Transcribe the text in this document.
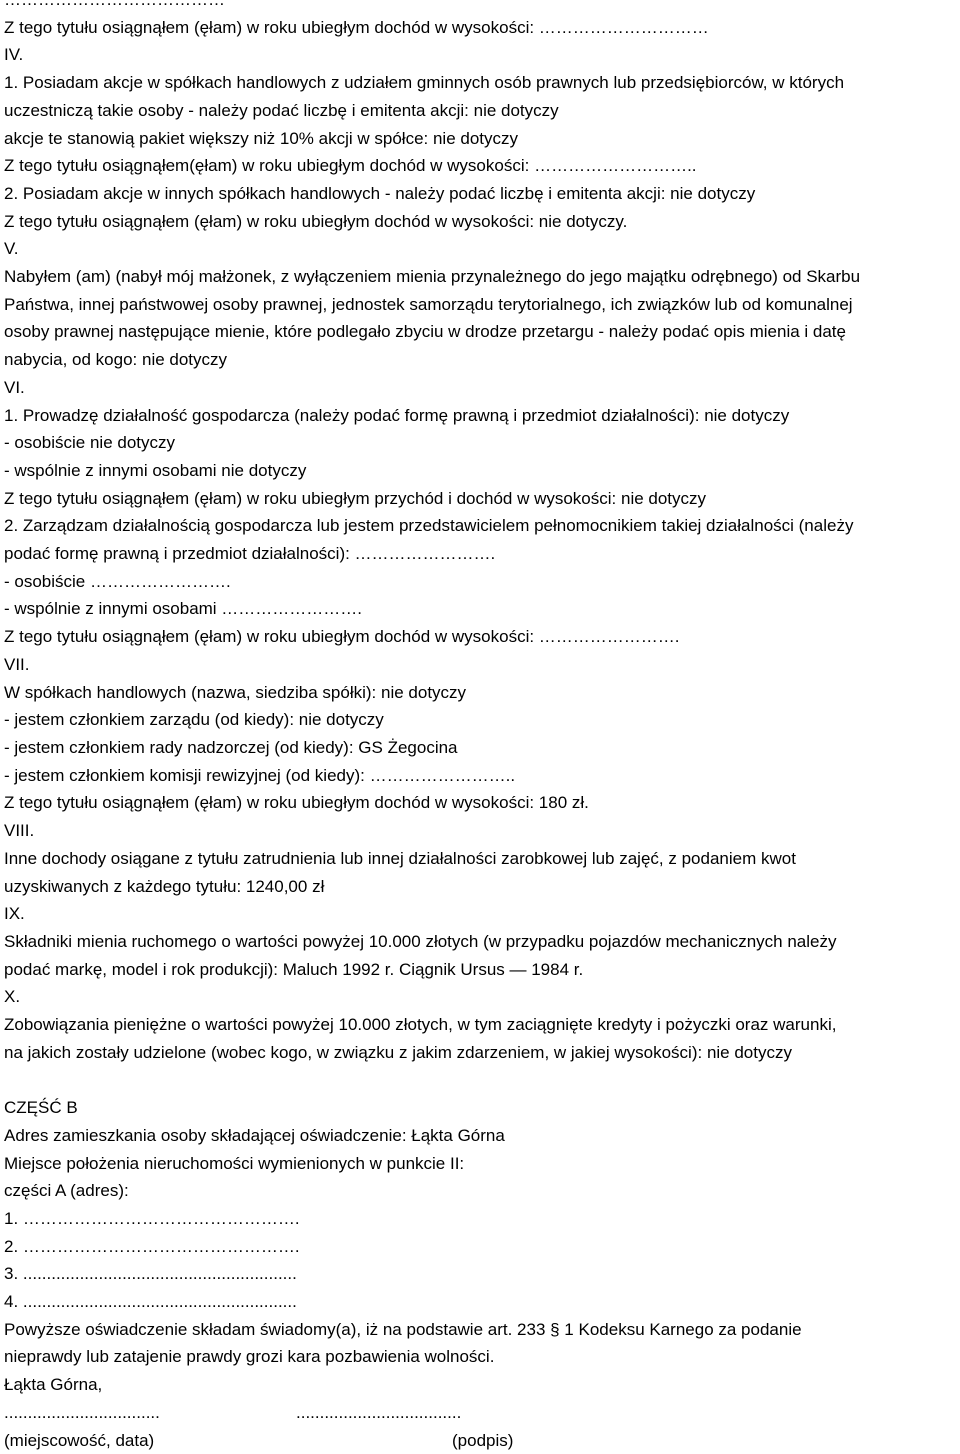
Z tego tytułu osiągnąłem (ęłam) w roku ubiegłym dochód w wysokości: …………………………
IV.
1. Posiadam akcje w spółkach handlowych z udziałem gminnych osób prawnych lub przedsiębiorców, w których
uczestniczą takie osoby - należy podać liczbę i emitenta akcji: nie dotyczy
akcje te stanowią pakiet większy niż 10% akcji w spółce: nie dotyczy
Z tego tytułu osiągnąłem(ęłam) w roku ubiegłym dochód w wysokości: ………………………..
2. Posiadam akcje w innych spółkach handlowych - należy podać liczbę i emitenta akcji: nie dotyczy
Z tego tytułu osiągnąłem (ęłam) w roku ubiegłym dochód w wysokości: nie dotyczy.
V.
Nabyłem (am) (nabył mój małżonek, z wyłączeniem mienia przynależnego do jego majątku odrębnego) od Skarbu
Państwa, innej państwowej osoby prawnej, jednostek samorządu terytorialnego, ich związków lub od komunalnej
osoby prawnej następujące mienie, które podlegało zbyciu w drodze przetargu - należy podać opis mienia i datę
nabycia, od kogo: nie dotyczy
VI.
1. Prowadzę działalność gospodarcza (należy podać formę prawną i przedmiot działalności): nie dotyczy
- osobiście nie dotyczy
- wspólnie z innymi osobami nie dotyczy
Z tego tytułu osiągnąłem (ęłam) w roku ubiegłym przychód i dochód w wysokości: nie dotyczy
2. Zarządzam działalnością gospodarcza lub jestem przedstawicielem pełnomocnikiem takiej działalności (należy
podać formę prawną i przedmiot działalności): …………………….
- osobiście …………………….
- wspólnie z innymi osobami …………………….
Z tego tytułu osiągnąłem (ęłam) w roku ubiegłym dochód w wysokości: …………………….
VII.
W spółkach handlowych (nazwa, siedziba spółki): nie dotyczy
- jestem członkiem zarządu (od kiedy): nie dotyczy
- jestem członkiem rady nadzorczej (od kiedy): GS Żegocina
- jestem członkiem komisji rewizyjnej (od kiedy): ……………………..
Z tego tytułu osiągnąłem (ęłam) w roku ubiegłym dochód w wysokości: 180 zł.
VIII.
Inne dochody osiągane z tytułu zatrudnienia lub innej działalności zarobkowej lub zajęć, z podaniem kwot
uzyskiwanych z każdego tytułu: 1240,00 zł
IX.
Składniki mienia ruchomego o wartości powyżej 10.000 złotych (w przypadku pojazdów mechanicznych należy
podać markę, model i rok produkcji): Maluch 1992 r. Ciągnik Ursus — 1984 r.
X.
Zobowiązania pieniężne o wartości powyżej 10.000 złotych, w tym zaciągnięte kredyty i pożyczki oraz warunki,
na jakich zostały udzielone (wobec kogo, w związku z jakim zdarzeniem, w jakiej wysokości): nie dotyczy
CZĘŚĆ B
Adres zamieszkania osoby składającej oświadczenie: Łąkta Górna
Miejsce położenia nieruchomości wymienionych w punkcie II:
części A (adres):
1. ………………………………………….
2. ………………………………………….
3. ..........................................................
4. ..........................................................
Powyższe oświadczenie składam świadomy(a), iż na podstawie art. 233 § 1 Kodeksu Karnego za podanie
nieprawdy lub zatajenie prawdy grozi kara pozbawienia wolności.
Łąkta Górna,
.................................	...................................
(miejscowość, data)	(podpis)
